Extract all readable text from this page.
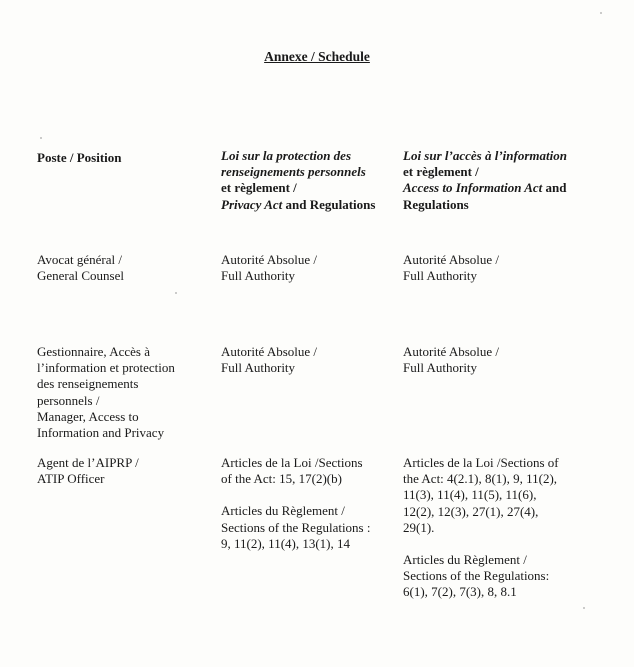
Annexe / Schedule
Poste / Position	Loi sur la protection des
renseignements personnels
et règlement /
Privacy Act and Regulations
Loi sur l’accès à l’information
et règlement /
Access to Information Act and
Regulations
Avocat général /
General Counsel
Autorité Absolue /
Full Authority
Autorité Absolue /
Full Authority
Gestionnaire, Accès à
l’information et protection
des renseignements
personnels /
Manager, Access to
Information and Privacy
Autorité Absolue /
Full Authority
Autorité Absolue /
Full Authority
Agent de l’AIPRP /
ATIP Officer
Articles de la Loi /Sections
of the Act: 15, 17(2)(b)
Articles du Règlement /
Sections of the Regulations :
9, 11(2), 11(4), 13(1), 14
Articles de la Loi /Sections of
the Act: 4(2.1), 8(1), 9, 11(2),
11(3), 11(4), 11(5), 11(6),
12(2), 12(3), 27(1), 27(4),
29(1).
Articles du Règlement /
Sections of the Regulations:
6(1), 7(2), 7(3), 8, 8.1
